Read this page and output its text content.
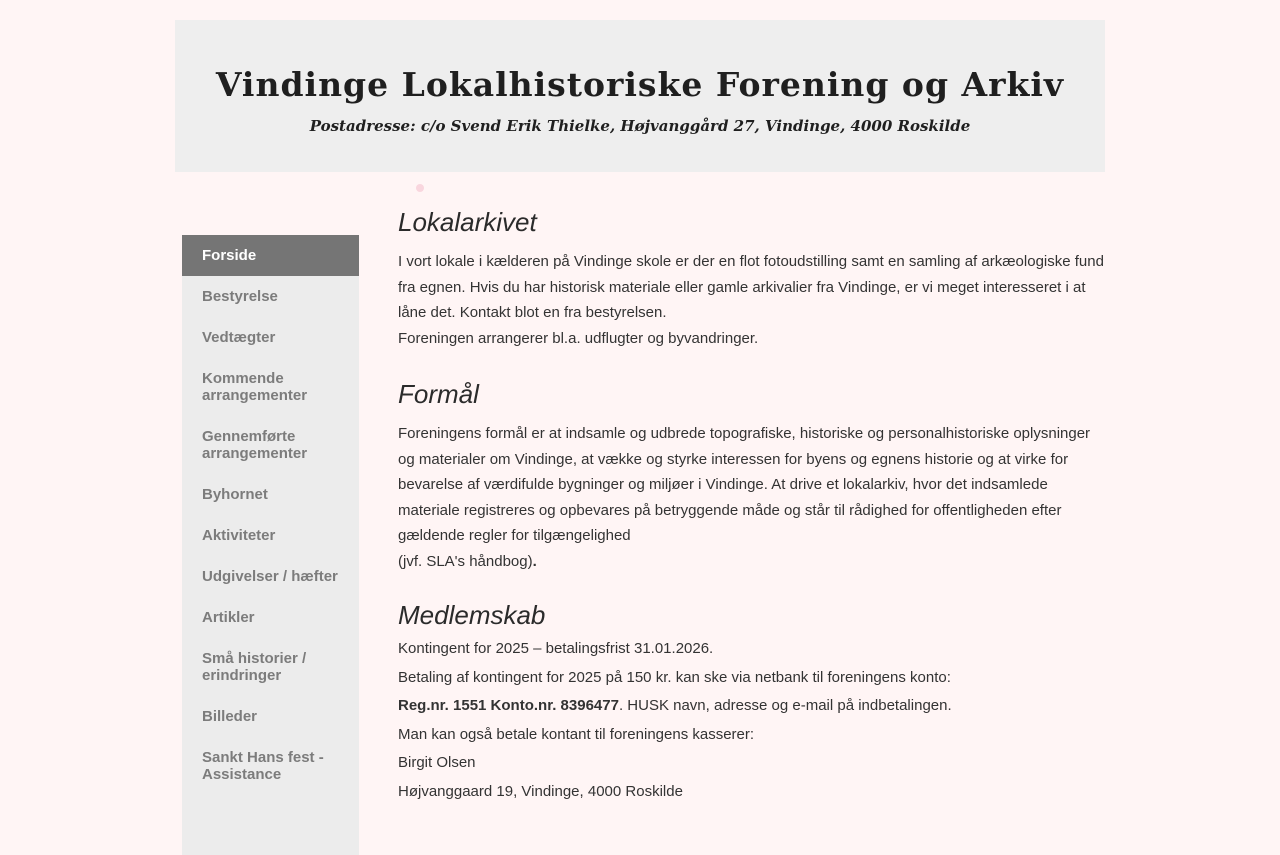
Vindinge Lokalhistoriske Forening og Arkiv
Postadresse: c/o Svend Erik Thielke, Højvanggård 27, Vindinge, 4000 Roskilde
Forside
Bestyrelse
Vedtægter
Kommende arrangementer
Gennemførte arrangementer
Byhornet
Aktiviteter
Udgivelser / hæfter
Artikler
Små historier / erindringer
Billeder
Sankt Hans fest - Assistance
Lokalarkivet

I vort lokale i kælderen på Vindinge skole er der en flot fotoudstilling samt en samling af arkæologiske fund fra egnen. Hvis du har historisk materiale eller gamle arkivalier fra Vindinge, er vi meget interesseret i at låne det. Kontakt blot en fra bestyrelsen.

Foreningen arrangerer bl.a. udflugter og byvandringer.

Formål

Foreningens formål er at indsamle og udbrede topografiske, historiske og personalhistoriske oplysninger og materialer om Vindinge, at vække og styrke interessen for byens og egnens historie og at virke for bevarelse af værdifulde bygninger og miljøer i Vindinge. At drive et lokalarkiv, hvor det indsamlede materiale registreres og opbevares på betryggende måde og står til rådighed for offentligheden efter gældende regler for tilgængelighed

(jvf. SLA's håndbog).

Medlemskab

Kontingent for 2025 – betalingsfrist 31.01.2026.

Betaling af kontingent for 2025 på 150 kr. kan ske via netbank til foreningens konto:

Reg.nr. 1551 Konto.nr. 8396477. HUSK navn, adresse og e-mail på indbetalingen.

Man kan også betale kontant til foreningens kasserer:

Birgit Olsen

Højvanggaard 19, Vindinge, 4000 Roskilde
